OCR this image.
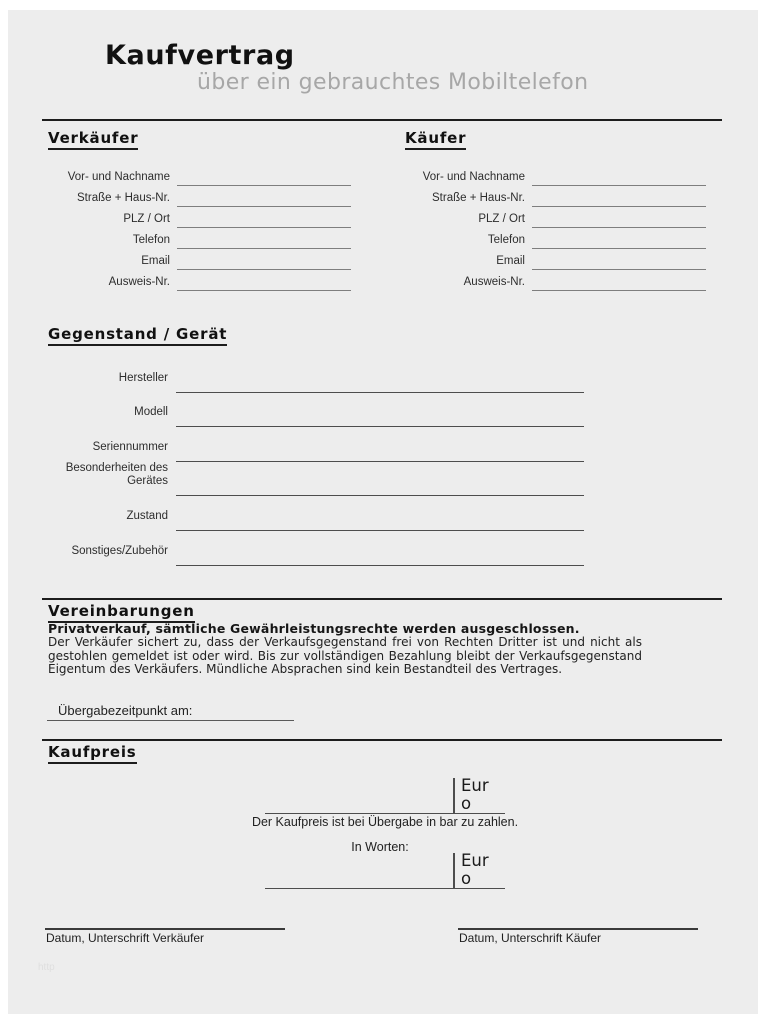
Kaufvertrag
über ein gebrauchtes Mobiltelefon
Verkäufer
Vor- und Nachname
Straße + Haus-Nr.
PLZ / Ort
Telefon
Email
Ausweis-Nr.
Käufer
Vor- und Nachname
Straße + Haus-Nr.
PLZ / Ort
Telefon
Email
Ausweis-Nr.
Gegenstand / Gerät
Hersteller
Modell
Seriennummer
Besonderheiten des Gerätes
Zustand
Sonstiges/Zubehör
Vereinbarungen
Privatverkauf, sämtliche Gewährleistungsrechte werden ausgeschlossen.
Der Verkäufer sichert zu, dass der Verkaufsgegenstand frei von Rechten Dritter ist und nicht als gestohlen gemeldet ist oder wird. Bis zur vollständigen Bezahlung bleibt der Verkaufsgegenstand Eigentum des Verkäufers. Mündliche Absprachen sind kein Bestandteil des Vertrages.
Übergabezeitpunkt am:
Kaufpreis
Eur
o
Der Kaufpreis ist bei Übergabe in bar zu zahlen.
In Worten:
Eur
o
Datum, Unterschrift Verkäufer	Datum, Unterschrift Käufer
http
